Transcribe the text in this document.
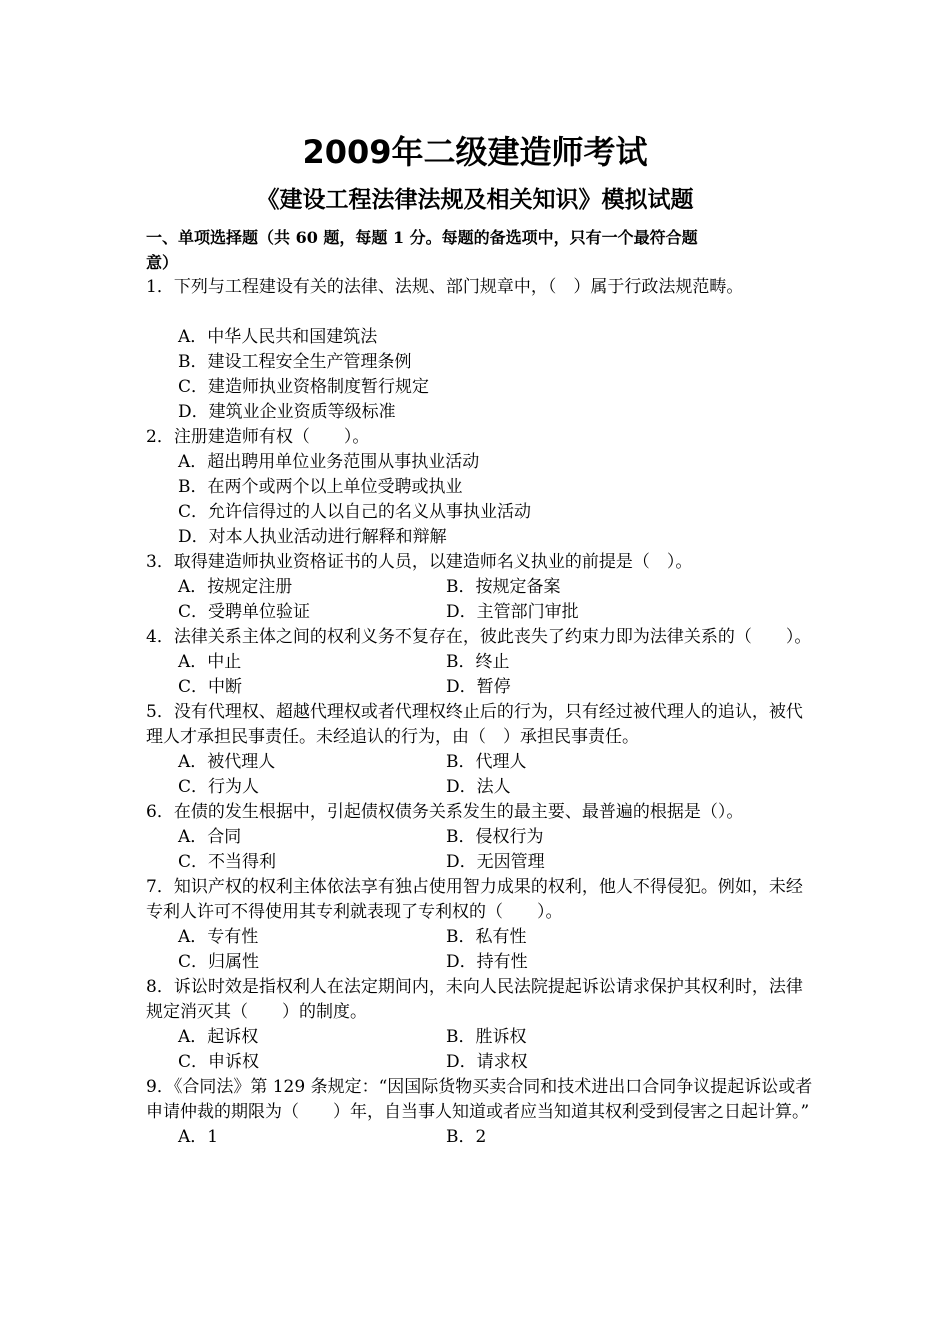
2009年二级建造师考试
《建设工程法律法规及相关知识》模拟试题
一、单项选择题（共 60 题，每题 1 分。每题的备选项中，只有一个最符合题
意）

1．下列与工程建设有关的法律、法规、部门规章中，（　）属于行政法规范畴。

A．中华人民共和国建筑法
B．建设工程安全生产管理条例
C．建造师执业资格制度暂行规定
D．建筑业企业资质等级标准

2．注册建造师有权（　　）。

A．超出聘用单位业务范围从事执业活动
B．在两个或两个以上单位受聘或执业
C．允许信得过的人以自己的名义从事执业活动
D．对本人执业活动进行解释和辩解

3．取得建造师执业资格证书的人员，以建造师名义执业的前提是（　）。

A．按规定注册	B．按规定备案
C．受聘单位验证	D．主管部门审批

4．法律关系主体之间的权利义务不复存在，彼此丧失了约束力即为法律关系的（　　）。

A．中止	B．终止
C．中断	D．暂停

5．没有代理权、超越代理权或者代理权终止后的行为，只有经过被代理人的追认，被代理人才承担民事责任。未经追认的行为，由（　）承担民事责任。

A．被代理人	B．代理人
C．行为人	D．法人

6．在债的发生根据中，引起债权债务关系发生的最主要、最普遍的根据是（）。

A．合同	B．侵权行为
C．不当得利	D．无因管理

7．知识产权的权利主体依法享有独占使用智力成果的权利，他人不得侵犯。例如，未经专利人许可不得使用其专利就表现了专利权的（　　）。

A．专有性	B．私有性
C．归属性	D．持有性

8．诉讼时效是指权利人在法定期间内，未向人民法院提起诉讼请求保护其权利时，法律规定消灭其（　　）的制度。

A．起诉权	B．胜诉权
C．申诉权	D．请求权

9．《合同法》第 129 条规定：“因国际货物买卖合同和技术进出口合同争议提起诉讼或者申请仲裁的期限为（　　）年，自当事人知道或者应当知道其权利受到侵害之日起计算。”

A．1	B．2
